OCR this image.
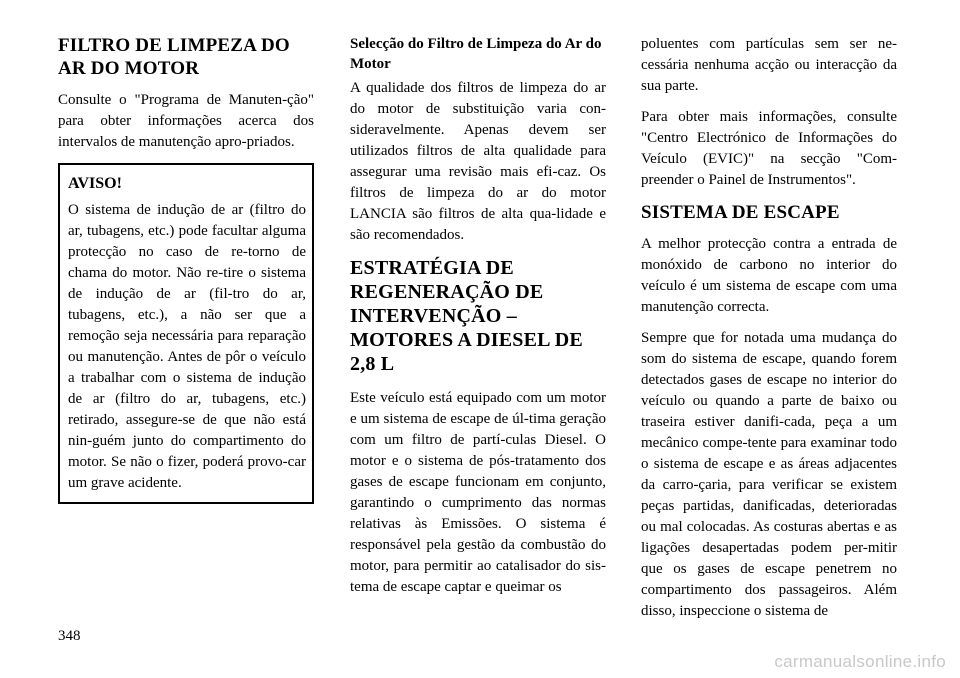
FILTRO DE LIMPEZA DO AR DO MOTOR

Consulte o "Programa de Manuten-ção" para obter informações acerca dos intervalos de manutenção apro-priados.

AVISO!

O sistema de indução de ar (filtro do ar, tubagens, etc.) pode facultar alguma protecção no caso de re-torno de chama do motor. Não re-tire o sistema de indução de ar (fil-tro do ar, tubagens, etc.), a não ser que a remoção seja necessária para reparação ou manutenção. Antes de pôr o veículo a trabalhar com o sistema de indução de ar (filtro do ar, tubagens, etc.) retirado, assegure-se de que não está nin-guém junto do compartimento do motor. Se não o fizer, poderá provo-car um grave acidente.

Selecção do Filtro de Limpeza do Ar do Motor

A qualidade dos filtros de limpeza do ar do motor de substituição varia con-sideravelmente. Apenas devem ser utilizados filtros de alta qualidade para assegurar uma revisão mais efi-caz. Os filtros de limpeza do ar do motor LANCIA são filtros de alta qua-lidade e são recomendados.

ESTRATÉGIA DE REGENERAÇÃO DE INTERVENÇÃO – MOTORES A DIESEL DE 2,8 L

Este veículo está equipado com um motor e um sistema de escape de úl-tima geração com um filtro de partí-culas Diesel. O motor e o sistema de pós-tratamento dos gases de escape funcionam em conjunto, garantindo o cumprimento das normas relativas às Emissões. O sistema é responsável pela gestão da combustão do motor, para permitir ao catalisador do sis-tema de escape captar e queimar os

poluentes com partículas sem ser ne-cessária nenhuma acção ou interacção da sua parte.

Para obter mais informações, consulte "Centro Electrónico de Informações do Veículo (EVIC)" na secção "Com-preender o Painel de Instrumentos".

SISTEMA DE ESCAPE

A melhor protecção contra a entrada de monóxido de carbono no interior do veículo é um sistema de escape com uma manutenção correcta.

Sempre que for notada uma mudança do som do sistema de escape, quando forem detectados gases de escape no interior do veículo ou quando a parte de baixo ou traseira estiver danifi-cada, peça a um mecânico compe-tente para examinar todo o sistema de escape e as áreas adjacentes da carro-çaria, para verificar se existem peças partidas, danificadas, deterioradas ou mal colocadas. As costuras abertas e as ligações desapertadas podem per-mitir que os gases de escape penetrem no compartimento dos passageiros. Além disso, inspeccione o sistema de

348
carmanualsonline.info
